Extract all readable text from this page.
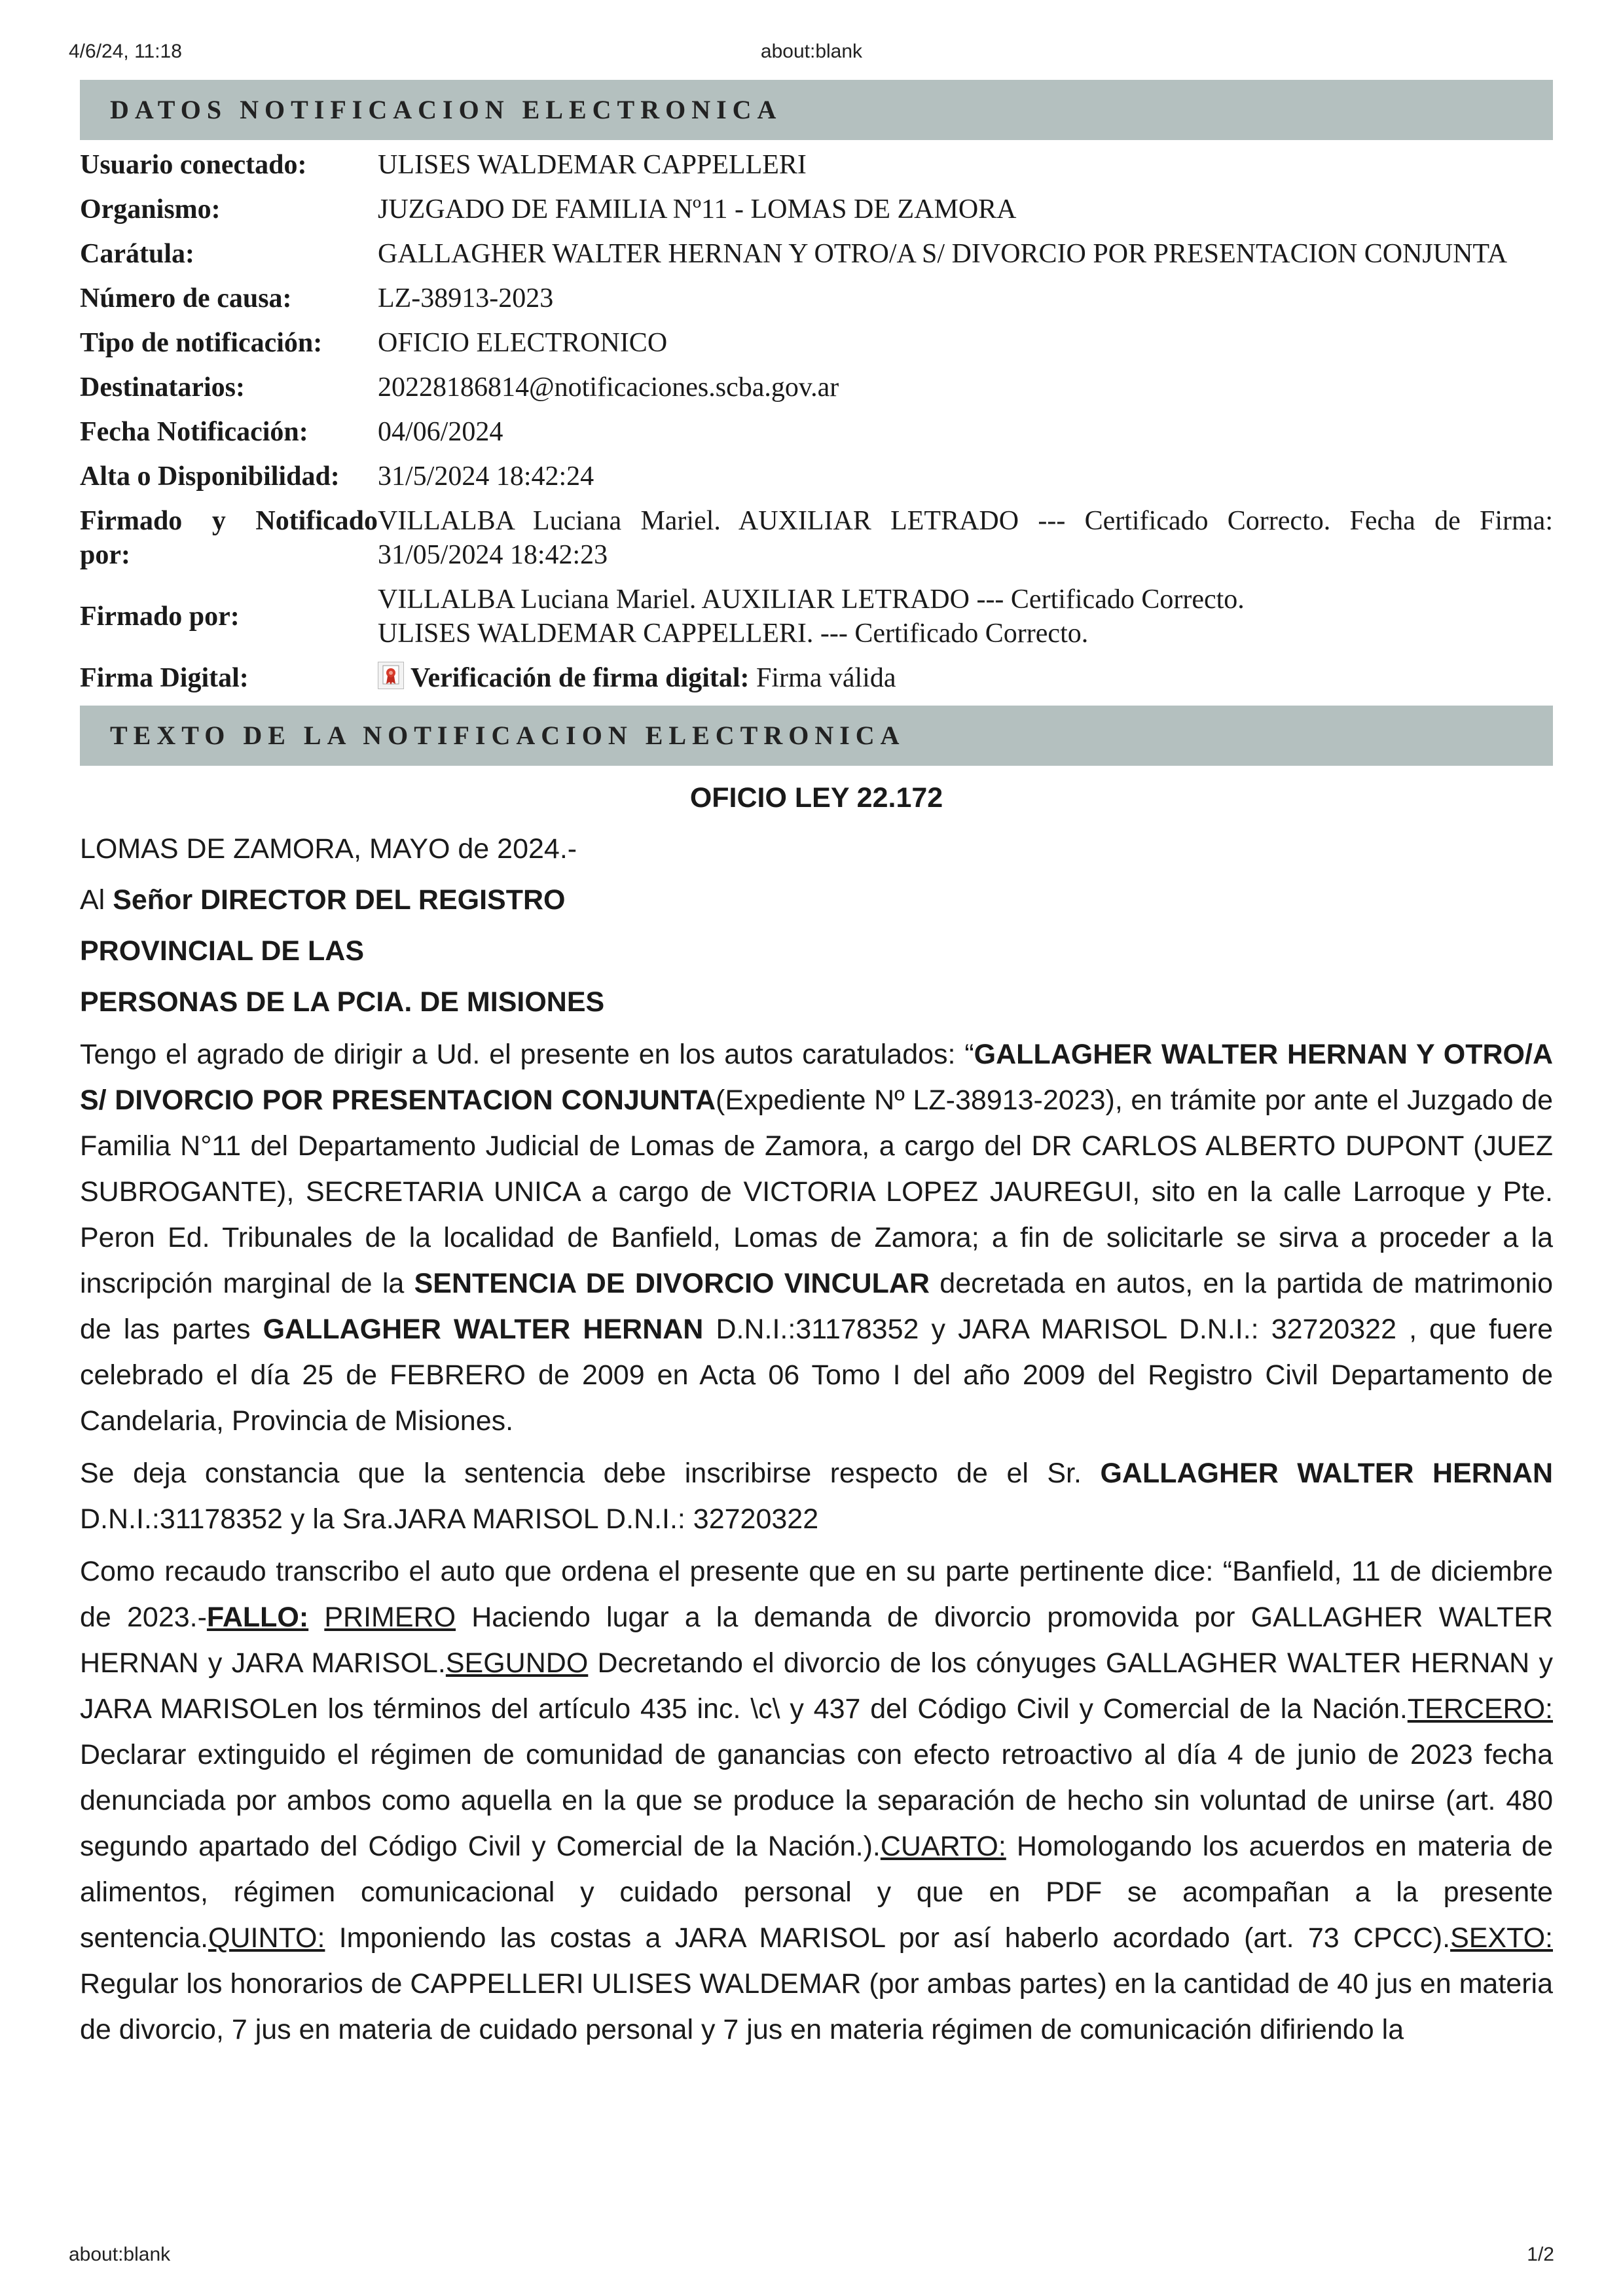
4/6/24, 11:18	about:blank
DATOS NOTIFICACION ELECTRONICA
Usuario conectado:	ULISES WALDEMAR CAPPELLERI
Organismo:	JUZGADO DE FAMILIA Nº11 - LOMAS DE ZAMORA
Carátula:	GALLAGHER WALTER HERNAN Y OTRO/A S/ DIVORCIO POR PRESENTACION CONJUNTA
Número de causa:	LZ-38913-2023
Tipo de notificación:	OFICIO ELECTRONICO
Destinatarios:	20228186814@notificaciones.scba.gov.ar
Fecha Notificación:	04/06/2024
Alta o Disponibilidad:	31/5/2024 18:42:24
Firmado y Notificado por:	VILLALBA Luciana Mariel. AUXILIAR LETRADO --- Certificado Correcto. Fecha de Firma: 31/05/2024 18:42:23
Firmado por:	VILLALBA Luciana Mariel. AUXILIAR LETRADO --- Certificado Correcto.
ULISES WALDEMAR CAPPELLERI. --- Certificado Correcto.

Firma Digital:	Verificación de firma digital: Firma válida
TEXTO DE LA NOTIFICACION ELECTRONICA

OFICIO LEY 22.172

LOMAS DE ZAMORA, MAYO de 2024.-

Al Señor DIRECTOR DEL REGISTRO

PROVINCIAL DE LAS

PERSONAS DE LA PCIA. DE MISIONES

Tengo el agrado de dirigir a Ud. el presente en los autos caratulados: “GALLAGHER WALTER HERNAN Y OTRO/A S/ DIVORCIO POR PRESENTACION CONJUNTA(Expediente Nº LZ-38913-2023), en trámite por ante el Juzgado de Familia N°11 del Departamento Judicial de Lomas de Zamora, a cargo del DR CARLOS ALBERTO DUPONT (JUEZ SUBROGANTE), SECRETARIA UNICA a cargo de VICTORIA LOPEZ JAUREGUI, sito en la calle Larroque y Pte. Peron Ed. Tribunales de la localidad de Banfield, Lomas de Zamora; a fin de solicitarle se sirva a proceder a la inscripción marginal de la SENTENCIA DE DIVORCIO VINCULAR decretada en autos, en la partida de matrimonio de las partes GALLAGHER WALTER HERNAN D.N.I.:31178352 y JARA MARISOL D.N.I.: 32720322 , que fuere celebrado el día 25 de FEBRERO de 2009 en Acta 06 Tomo I del año 2009 del Registro Civil Departamento de Candelaria, Provincia de Misiones.

Se deja constancia que la sentencia debe inscribirse respecto de el Sr. GALLAGHER WALTER HERNAN D.N.I.:31178352 y la Sra.JARA MARISOL D.N.I.: 32720322

Como recaudo transcribo el auto que ordena el presente que en su parte pertinente dice: “Banfield, 11 de diciembre de 2023.-FALLO: PRIMERO Haciendo lugar a la demanda de divorcio promovida por GALLAGHER WALTER HERNAN y JARA MARISOL.SEGUNDO Decretando el divorcio de los cónyuges GALLAGHER WALTER HERNAN y JARA MARISOLen los términos del artículo 435 inc. \c\ y 437 del Código Civil y Comercial de la Nación.TERCERO: Declarar extinguido el régimen de comunidad de ganancias con efecto retroactivo al día 4 de junio de 2023 fecha denunciada por ambos como aquella en la que se produce la separación de hecho sin voluntad de unirse (art. 480 segundo apartado del Código Civil y Comercial de la Nación.).CUARTO: Homologando los acuerdos en materia de alimentos, régimen comunicacional y cuidado personal y que en PDF se acompañan a la presente sentencia.QUINTO: Imponiendo las costas a JARA MARISOL por así haberlo acordado (art. 73 CPCC).SEXTO: Regular los honorarios de CAPPELLERI ULISES WALDEMAR (por ambas partes) en la cantidad de 40 jus en materia de divorcio, 7 jus en materia de cuidado personal y 7 jus en materia régimen de comunicación difiriendo la

about:blank	1/2
